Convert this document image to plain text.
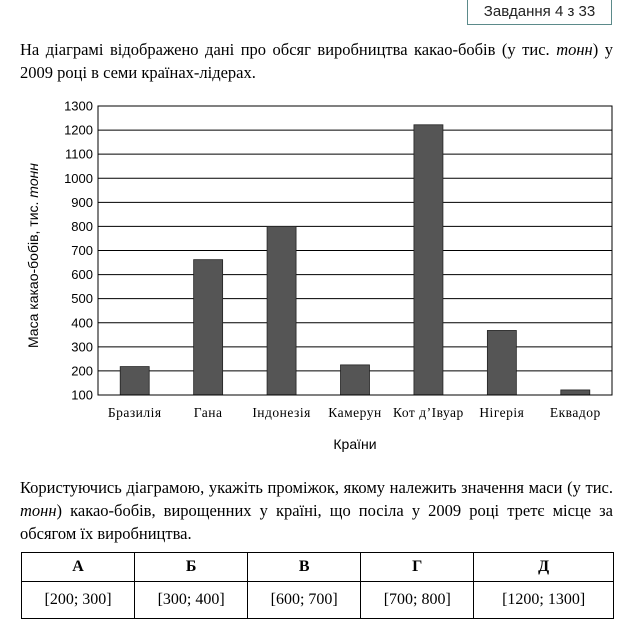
Завдання 4 з 33
На діаграмі відображено дані про обсяг виробництва какао-бобів (у тис. тонн) у 2009 році в семи країнах-лідерах.
100
200
300
400
500
600
700
800
900
1000
1100
1200
1300
Бразилія Гана Індонезія Камерун Кот д’Івуар Нігерія Еквадор
Маса какао-бобів, тис. тонн
Країни
Користуючись діаграмою, укажіть проміжок, якому належить значення маси (у тис. тонн) какао-бобів, вирощенних у країні, що посіла у 2009 році третє місце за обсягом їх виробництва.
А	Б	В	Г	Д
[200; 300]	[300; 400]	[600; 700]	[700; 800]	[1200; 1300]
